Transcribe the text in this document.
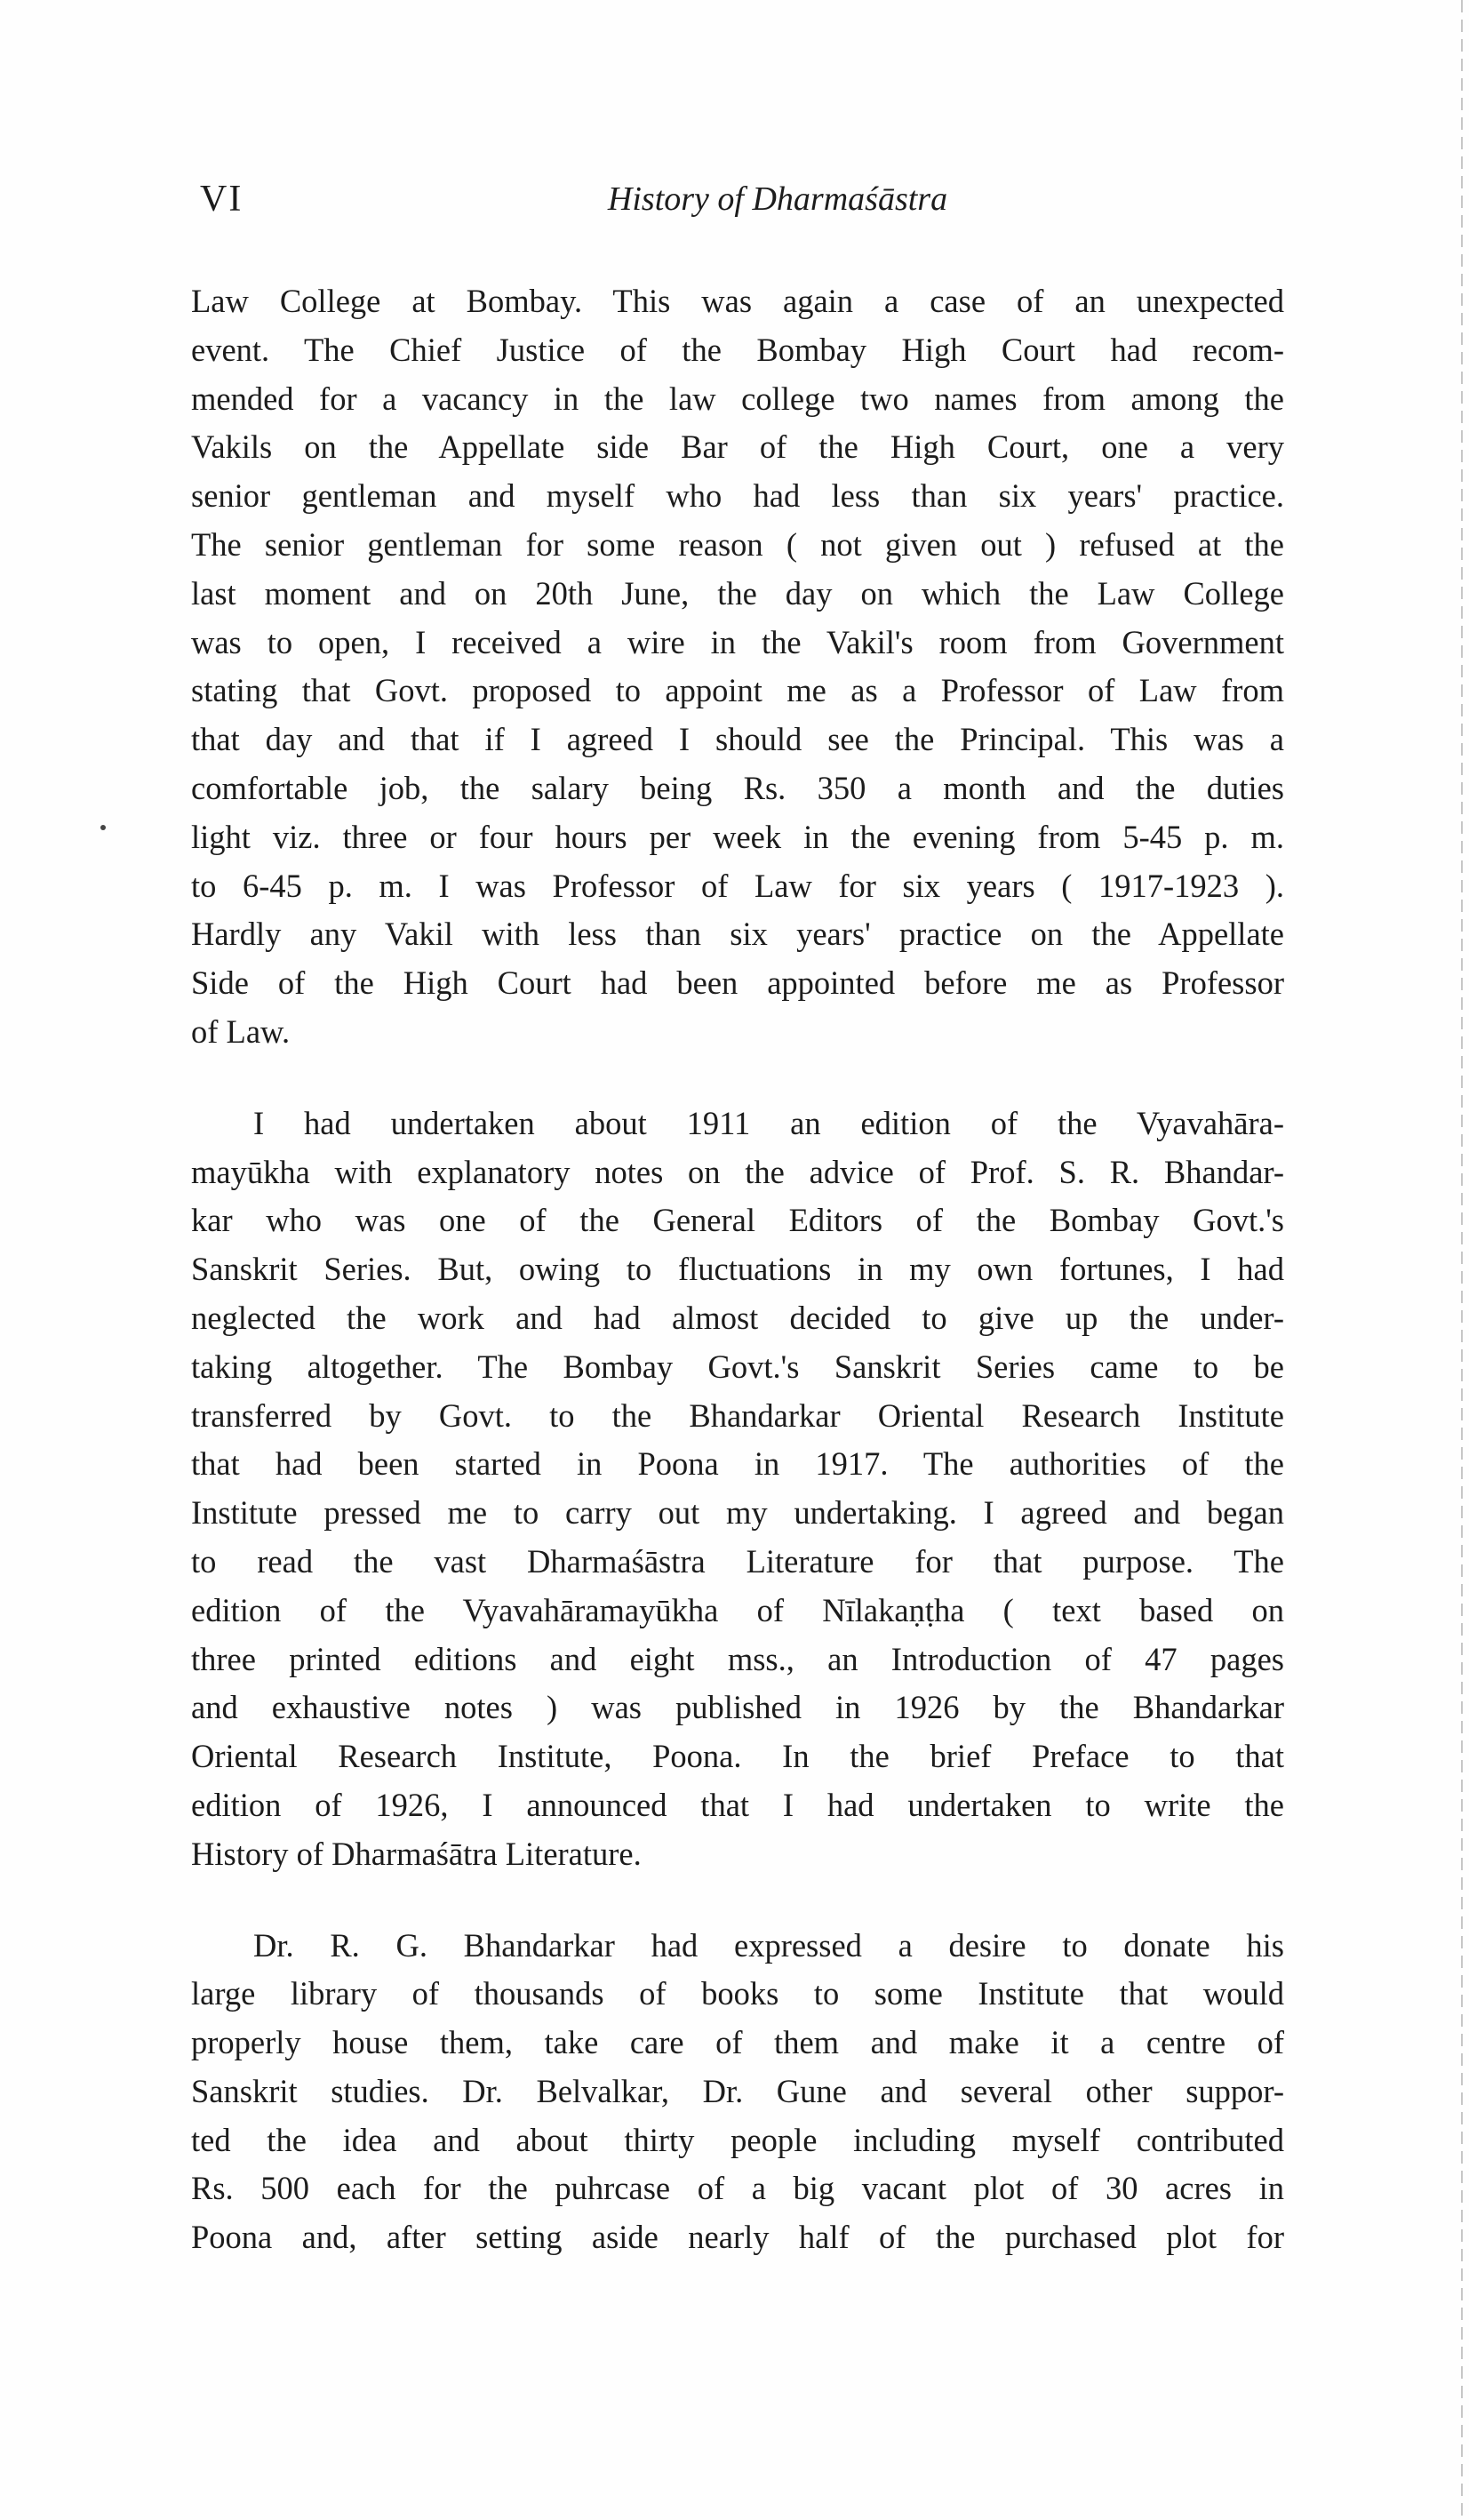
VI	History of Dharmaśāstra
Law College at Bombay. This was again a case of an unexpected
event. The Chief Justice of the Bombay High Court had recom-
mended for a vacancy in the law college two names from among the
Vakils on the Appellate side Bar of the High Court, one a very
senior gentleman and myself who had less than six years' practice.
The senior gentleman for some reason ( not given out ) refused at the
last moment and on 20th June, the day on which the Law College
was to open, I received a wire in the Vakil's room from Government
stating that Govt. proposed to appoint me as a Professor of Law from
that day and that if I agreed I should see the Principal. This was a
comfortable job, the salary being Rs. 350 a month and the duties
light viz. three or four hours per week in the evening from 5-45 p. m.
to 6-45 p. m. I was Professor of Law for six years ( 1917-1923 ).
Hardly any Vakil with less than six years' practice on the Appellate
Side of the High Court had been appointed before me as Professor
of Law.
I had undertaken about 1911 an edition of the Vyavahāra-
mayūkha with explanatory notes on the advice of Prof. S. R. Bhandar-
kar who was one of the General Editors of the Bombay Govt.'s
Sanskrit Series. But, owing to fluctuations in my own fortunes, I had
neglected the work and had almost decided to give up the under-
taking altogether. The Bombay Govt.'s Sanskrit Series came to be
transferred by Govt. to the Bhandarkar Oriental Research Institute
that had been started in Poona in 1917. The authorities of the
Institute pressed me to carry out my undertaking. I agreed and began
to read the vast Dharmaśāstra Literature for that purpose. The
edition of the Vyavahāramayūkha of Nīlakaṇṭha ( text based on
three printed editions and eight mss., an Introduction of 47 pages
and exhaustive notes ) was published in 1926 by the Bhandarkar
Oriental Research Institute, Poona. In the brief Preface to that
edition of 1926, I announced that I had undertaken to write the
History of Dharmaśātra Literature.
Dr. R. G. Bhandarkar had expressed a desire to donate his
large library of thousands of books to some Institute that would
properly house them, take care of them and make it a centre of
Sanskrit studies. Dr. Belvalkar, Dr. Gune and several other suppor-
ted the idea and about thirty people including myself contributed
Rs. 500 each for the puhrcase of a big vacant plot of 30 acres in
Poona and, after setting aside nearly half of the purchased plot for
